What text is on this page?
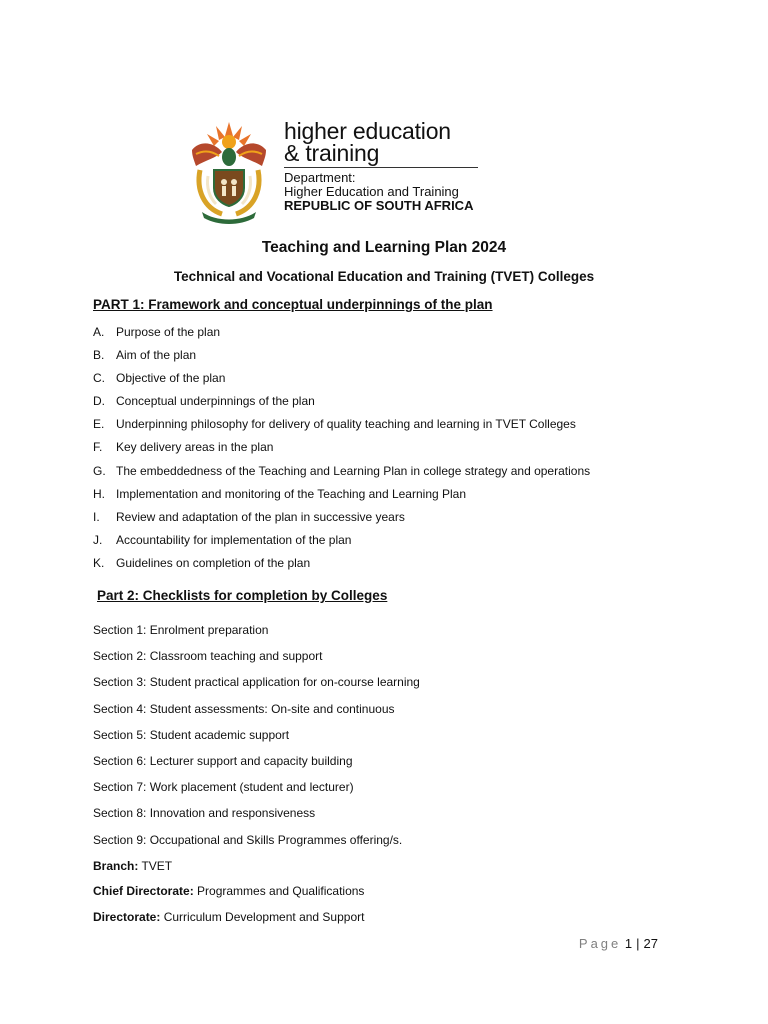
higher education
& training
Department:
Higher Education and Training
REPUBLIC OF SOUTH AFRICA
Teaching and Learning Plan 2024
Technical and Vocational Education and Training (TVET) Colleges
PART 1: Framework and conceptual underpinnings of the plan
A. Purpose of the plan
B. Aim of the plan
C. Objective of the plan
D. Conceptual underpinnings of the plan
E. Underpinning philosophy for delivery of quality teaching and learning in TVET Colleges
F. Key delivery areas in the plan
G. The embeddedness of the Teaching and Learning Plan in college strategy and operations
H. Implementation and monitoring of the Teaching and Learning Plan
I. Review and adaptation of the plan in successive years
J. Accountability for implementation of the plan
K. Guidelines on completion of the plan
Part 2: Checklists for completion by Colleges
Section 1: Enrolment preparation
Section 2: Classroom teaching and support
Section 3: Student practical application for on-course learning
Section 4: Student assessments: On-site and continuous
Section 5: Student academic support
Section 6: Lecturer support and capacity building
Section 7: Work placement (student and lecturer)
Section 8: Innovation and responsiveness
Section 9: Occupational and Skills Programmes offering/s.
Branch: TVET
Chief Directorate: Programmes and Qualifications
Directorate: Curriculum Development and Support
Page 1 | 27
